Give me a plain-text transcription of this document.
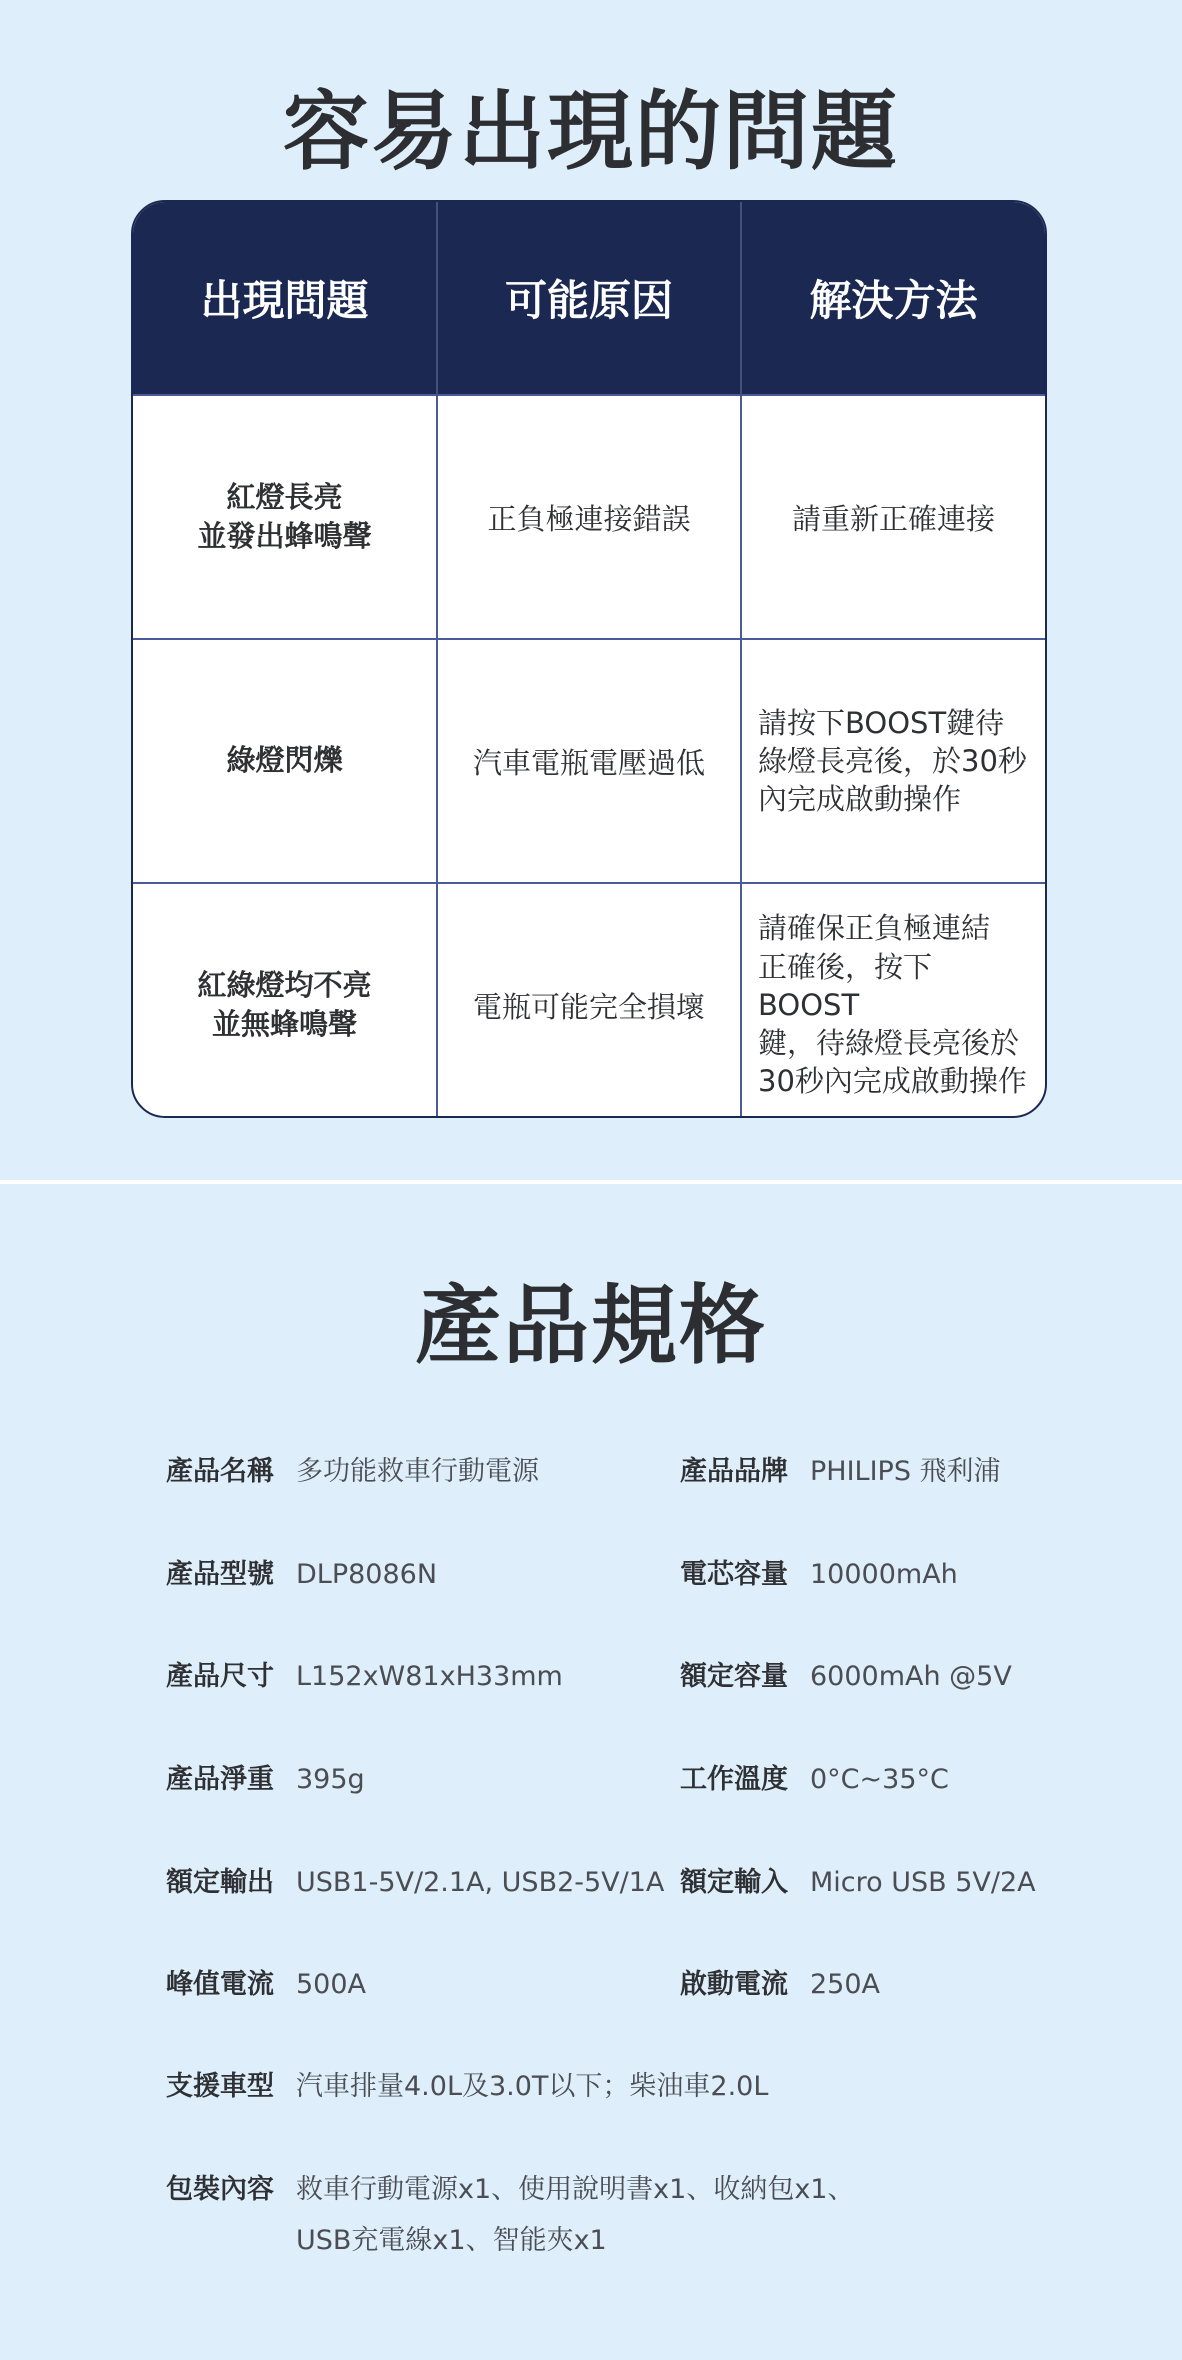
容易出現的問題
出現問題	可能原因	解決方法

紅燈長亮
並發出蜂鳴聲	正負極連接錯誤	請重新正確連接

綠燈閃爍	汽車電瓶電壓過低	請按下BOOST鍵待
綠燈長亮後，於30秒
內完成啟動操作

紅綠燈均不亮
並無蜂鳴聲	電瓶可能完全損壞	請確保正負極連結
正確後，按下BOOST
鍵，待綠燈長亮後於
30秒內完成啟動操作
產品規格
產品名稱 多功能救車行動電源	產品品牌 PHILIPS 飛利浦
產品型號 DLP8086N	電芯容量 10000mAh
產品尺寸 L152xW81xH33mm	額定容量 6000mAh @5V
產品淨重 395g	工作溫度 0°C~35°C
額定輸出 USB1-5V/2.1A, USB2-5V/1A 額定輸入 Micro USB 5V/2A
峰值電流 500A	啟動電流 250A
支援車型 汽車排量4.0L及3.0T以下；柴油車2.0L
包裝內容 救車行動電源x1、使用說明書x1、收納包x1、
USB充電線x1、智能夾x1
